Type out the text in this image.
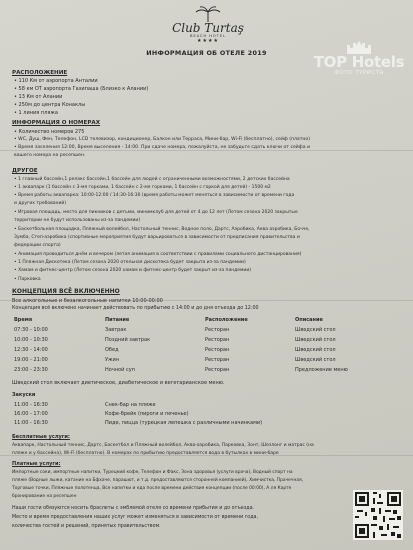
Club Turtaş
BEACH HOTEL
★★★★
ИНФОРМАЦИЯ ОБ ОТЕЛЕ 2019	TOP Hotels
ФОТО ТУРИСТА
РАСПОЛОЖЕНИЕ
• 110 Км от аэропорта Анталии
• 58 км ОТ аэропорта Газипаша (Близко к Алании)
• 13 Км от Алании
• 250м до центра Конаклы
• 1 линия пляжа
ИНФОРМАЦИЯ О НОМЕРАХ
• Количество номеров 275
• WC, Душ, Фен, Телефон, LCD телевизор, кондиционер, Балкон или Терраса, Мини-бар, Wi-Fi (бесплатно), сейф (платно)
• Время заселения 12:00, Время выселения - 14:00. При сдаче номера, пожалуйста, не забудьте сдать ключи от сейфа и
вашего номера на ресепшен.
ДРУГОЕ
• 1 главный бассейн,1 релакс бассейн,1 бассейн для людей с ограниченными возможностями, 2 детских бассейна
• 1 аквапарк (1 бассейн с 3-мя горками, 1 бассейн с 2-мя горками, 1 бассейн с горкой для детей) - 1500 м2
• Время работы аквапарка: 10:00-12:00 / 14:30-16:30 (время работы может меняться в зависимости от времени года
и других требований)
• Игровая площадь, место для пикников с детьми, минимклуб для детей от 4 до 12 лет (Летом сезона 2020 закрытые
территории не будут использованы из-за пандемии)
• Баскетбольная площадка, Пляжный волейбол, Настольный теннис, Водное поло, Дартс, Аэробика, Аква аэробика, Бочче,
Зумба, Степ-аэробика (спортивные мероприятия будут варьироваться в зависимости от предписания правительства и
федерации спорта)
• Анимация проводиться днём и вечером (летая анимация в соответствии с правилами социального дистанцирования)
• 1 Пляжная Дискотека (Летом сезона 2020 отельная дискотека будет закрыта из-за пандемии)
• Хамам и фитнес-центр (Летом сезона 2020 хамам и фитнес-центр будет закрыт из-за пандемии)
• Парковка
КОНЦЕПЦИЯ ВСЁ ВКЛЮЧЕННО
Все алкогольные и безалкогольные напитки 10:00-00:00
Концепция всё включено начинает действовать по прибытию с 14:00 и до дня отъезда до 12:00
Время	Питание	Расположение	Описание
07:30 - 10:00	Завтрак	Ресторан	Шведский стол
10:00 - 10:30	Поздний завтрак	Ресторан	Шведский стол
12:30 - 14:00	Обед	Ресторан	Шведский стол
19:00 - 21:00	Ужин	Ресторан	Шведский стол
23:00 - 23:30	Ночной суп	Ресторан	Предложение меню
Шведский стол включает диетическое, диабетическое и вегетарианское меню.
Закуски
11:00 - 16:30	Снек-бар на пляже
16:00 - 17:00	Кофе-брейк (пироги и печенье)
11:00 - 16:30	Пиде, пицца (турецкая лепешка с различными начинками)
Бесплатные услуги:
Аквапарк, Настольный теннис, Дартс, Баскетбол и Пляжный волейбол, Аква-аэробика, Парковка, Зонт, Шезлонг и матрас (на
пляже и у бассейна), Wi-Fi (бесплатно). В номерах по прибытию предоставляется вода в бутылках в мини-баре
Платные услуги:
Импортные соки, импортные напитки, Турецкий кофе, Телефон и Факс, Зона здоровья (услуги врача), Водный спорт на
пляже (Водные лыжи, катание на Бфхаче, парашют, и т.д. предоставляются сторонней компанией), Химчистка, Прачечная,
Торговые точки, Пляжные полотенца, Все напитки и еда после времени действия концепции (после 00:00), А ля Карте
бронирование на ресепшен
Наши гости обязуются носить браслеты с эмблемой отеля со времени прибытия и до отъезда.
Место и время предоставления наших услуг может изменяться в зависимости от времени года,
количества гостей и решений, принятых правительством.
